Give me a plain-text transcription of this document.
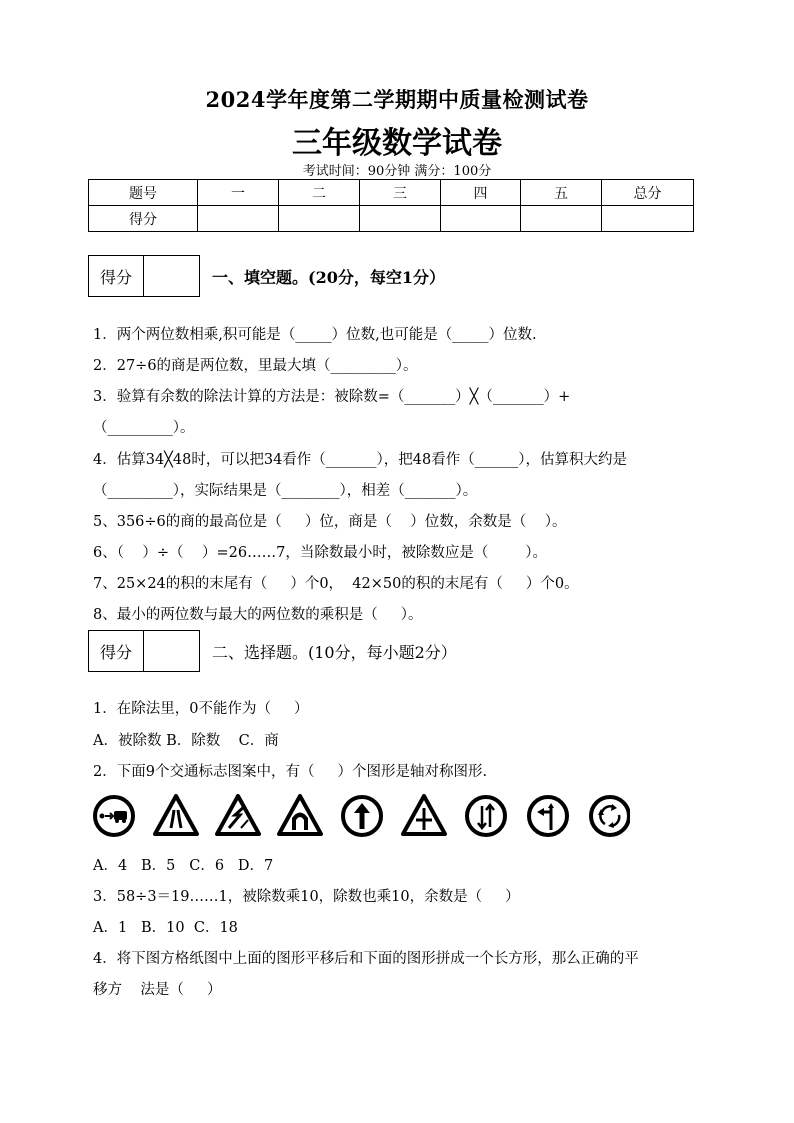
2024学年度第二学期期中质量检测试卷
三年级数学试卷
考试时间：90分钟 满分：100分
题号	一	二	三	四	五	总分
得分						
得分	一、填空题。(20分，每空1分）
1．两个两位数相乘,积可能是（_____）位数,也可能是（_____）位数.
2．27÷6的商是两位数，里最大填（_________）。
3．验算有余数的除法计算的方法是：被除数=（_______）╳（_______）+
（_________）。
4．估算34╳48时，可以把34看作（_______），把48看作（______），估算积大约是
（_________），实际结果是（________），相差（_______）。
5、356÷6的商的最高位是（     ）位，商是（    ）位数，余数是（    ）。
6、（    ）÷（    ）=26……7，当除数最小时，被除数应是（        ）。
7、25×24的积的末尾有（     ）个0，  42×50的积的末尾有（     ）个0。
8、最小的两位数与最大的两位数的乘积是（     ）。
得分	二、选择题。(10分，每小题2分）
1．在除法里，0不能作为（     ）
A．被除数 B．除数    C．商
2．下面9个交通标志图案中，有（     ）个图形是轴对称图形.
A．4   B．5   C．6   D．7
3．58÷3＝19……1，被除数乘10，除数也乘10，余数是（     ）
A．1   B．10  C．18
4．将下图方格纸图中上面的图形平移后和下面的图形拼成一个长方形，那么正确的平
移方    法是（     ）
